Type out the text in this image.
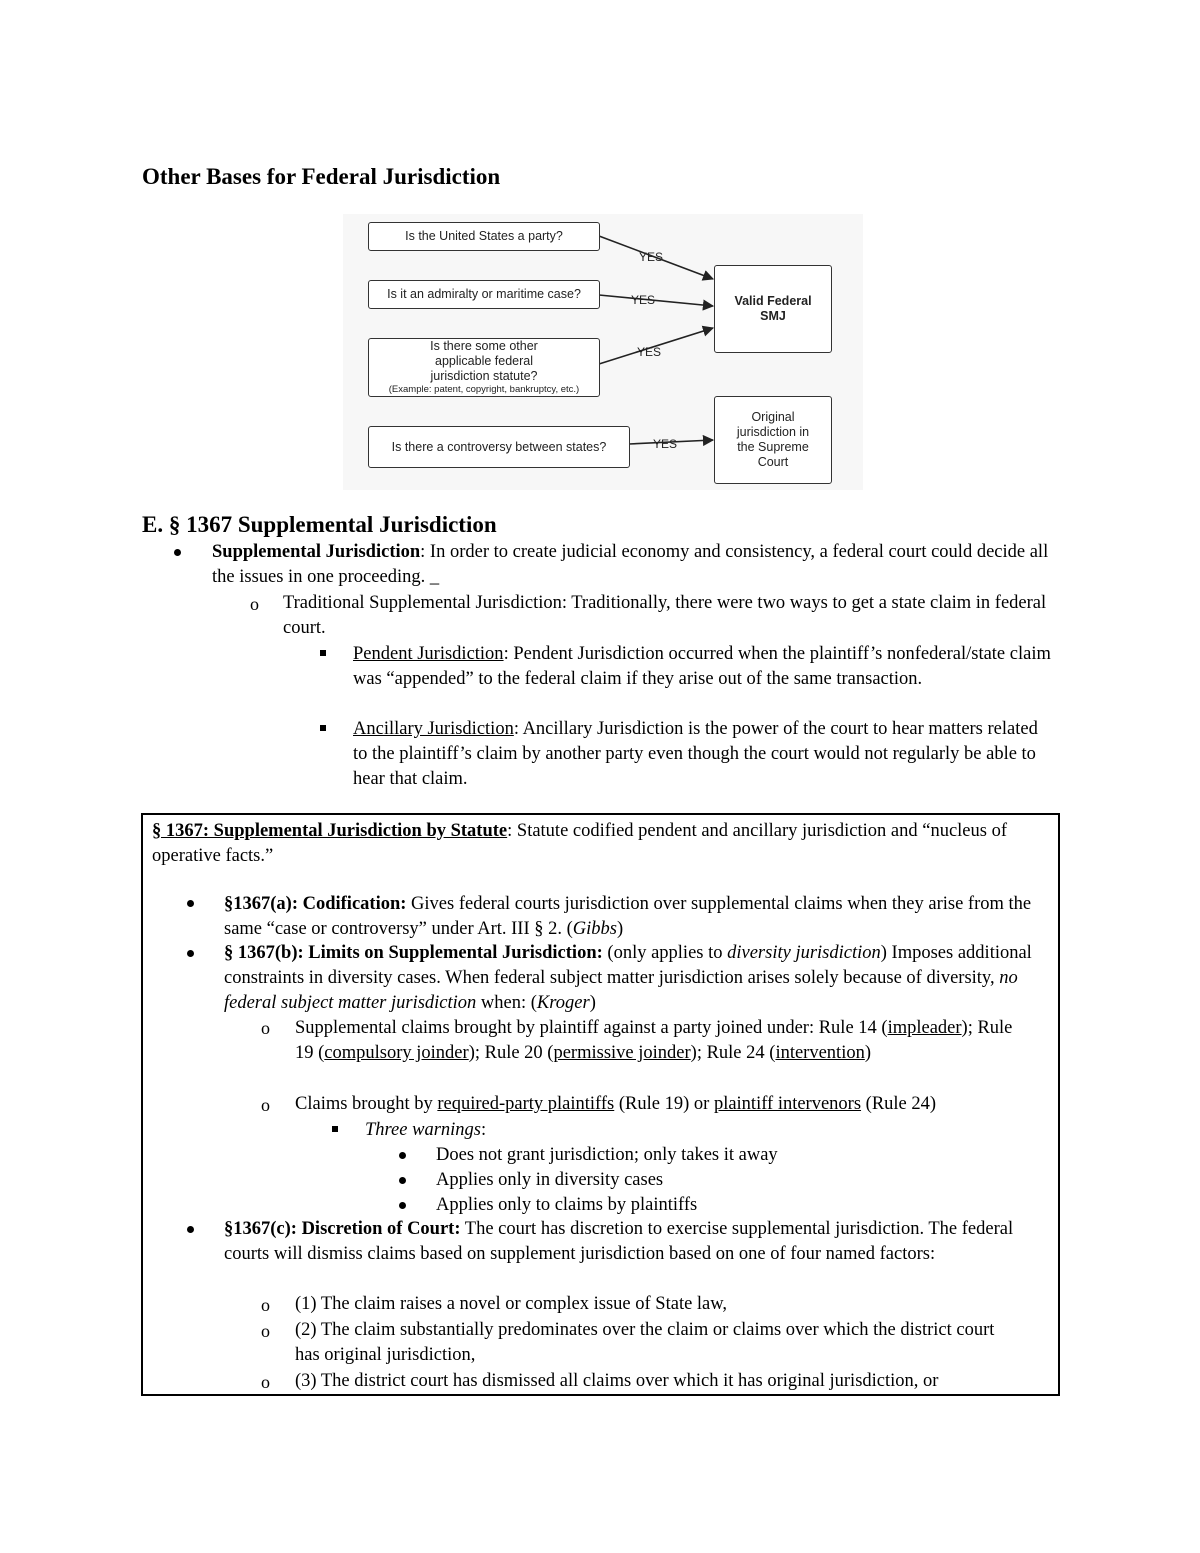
Other Bases for Federal Jurisdiction
Is the United States a party?
Is it an admiralty or maritime case?
Is there some other applicable federal jurisdiction statute?
(Example: patent, copyright, bankruptcy, etc.)
Is there a controversy between states?
Valid Federal SMJ
Original jurisdiction in the Supreme Court
YES
YES
YES
YES
E. § 1367 Supplemental Jurisdiction
Supplemental Jurisdiction: In order to create judicial economy and consistency, a federal court could decide all the issues in one proceeding. _
o Traditional Supplemental Jurisdiction: Traditionally, there were two ways to get a state claim in federal court.
Pendent Jurisdiction: Pendent Jurisdiction occurred when the plaintiff’s nonfederal/state claim was “appended” to the federal claim if they arise out of the same transaction.
Ancillary Jurisdiction: Ancillary Jurisdiction is the power of the court to hear matters related to the plaintiff’s claim by another party even though the court would not regularly be able to hear that claim.
§ 1367: Supplemental Jurisdiction by Statute: Statute codified pendent and ancillary jurisdiction and “nucleus of operative facts.”
§1367(a): Codification: Gives federal courts jurisdiction over supplemental claims when they arise from the same “case or controversy” under Art. III § 2. (Gibbs)
§ 1367(b): Limits on Supplemental Jurisdiction: (only applies to diversity jurisdiction) Imposes additional constraints in diversity cases. When federal subject matter jurisdiction arises solely because of diversity, no federal subject matter jurisdiction when: (Kroger)
o Supplemental claims brought by plaintiff against a party joined under: Rule 14 (impleader); Rule 19 (compulsory joinder); Rule 20 (permissive joinder); Rule 24 (intervention)
o Claims brought by required-party plaintiffs (Rule 19) or plaintiff intervenors (Rule 24)
Three warnings:
Does not grant jurisdiction; only takes it away
Applies only in diversity cases
Applies only to claims by plaintiffs
§1367(c): Discretion of Court: The court has discretion to exercise supplemental jurisdiction. The federal courts will dismiss claims based on supplement jurisdiction based on one of four named factors:
o (1) The claim raises a novel or complex issue of State law,
o (2) The claim substantially predominates over the claim or claims over which the district court has original jurisdiction,
o (3) The district court has dismissed all claims over which it has original jurisdiction, or
